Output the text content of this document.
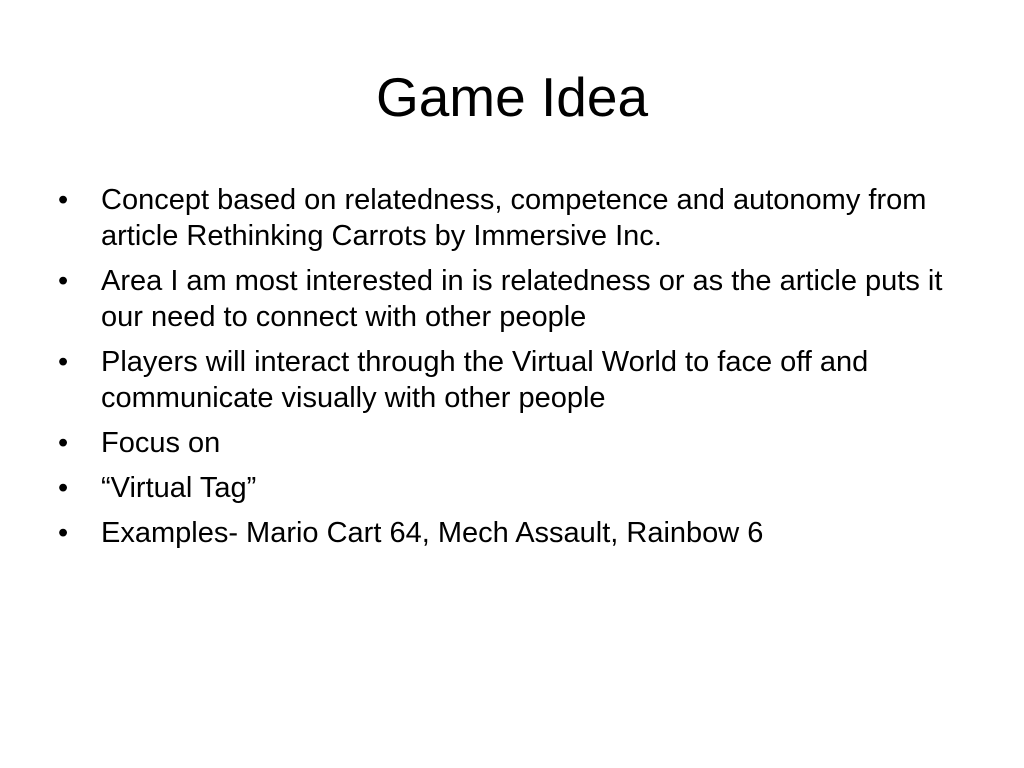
Game Idea
•	Concept based on relatedness, competence and autonomy from article Rethinking Carrots by Immersive Inc.
•	Area I am most interested in is relatedness or as the article puts it our need to connect with other people
•	Players will interact through the Virtual World to face off and communicate visually with other people
•	Focus on
•	“Virtual Tag”
•	Examples- Mario Cart 64, Mech Assault, Rainbow 6
